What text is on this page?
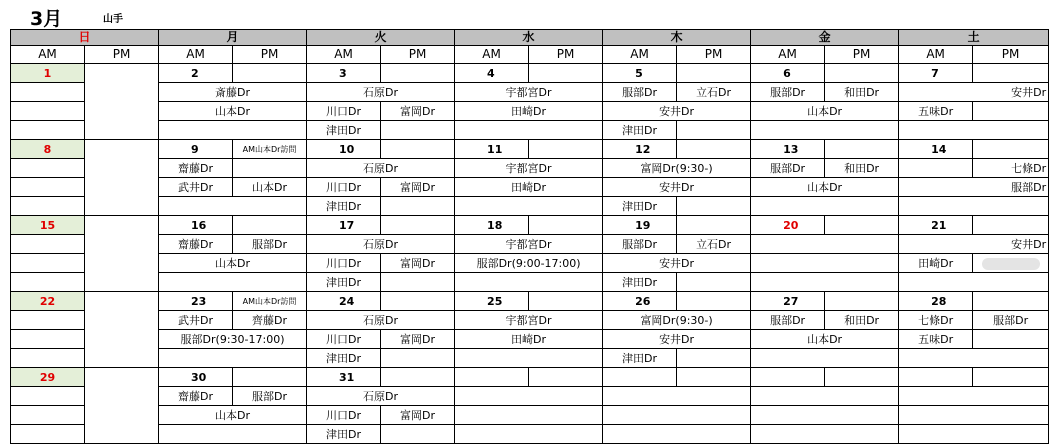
3月	山手
日		月		火		水		木		金		土	
AM	PM	AM	PM	AM	PM	AM	PM	AM	PM	AM	PM	AM	PM
1		2		3		4		5		6		7	
		斎藤Dr		石原Dr		宇都宮Dr		服部Dr	立石Dr	服部Dr	和田Dr	安井Dr	
		山本Dr		川口Dr	富岡Dr	田崎Dr		安井Dr		山本Dr		五味Dr	
				津田Dr				津田Dr					
8		9	AM山本Dr訪問	10		11		12		13		14	
		齋藤Dr		石原Dr		宇都宮Dr		富岡Dr(9:30-)		服部Dr	和田Dr		七條Dr
		武井Dr	山本Dr	川口Dr	富岡Dr	田崎Dr		安井Dr		山本Dr		服部Dr	
				津田Dr				津田Dr					
15		16		17		18		19		20		21	
		齋藤Dr	服部Dr	石原Dr		宇都宮Dr		服部Dr	立石Dr			安井Dr	
		山本Dr		川口Dr	富岡Dr	服部Dr(9:00-17:00)		安井Dr				田崎Dr	
				津田Dr				津田Dr					
22		23	AM山本Dr訪問	24		25		26		27		28	
		武井Dr	齊藤Dr	石原Dr		宇都宮Dr		富岡Dr(9:30-)		服部Dr	和田Dr	七條Dr	服部Dr
		服部Dr(9:30-17:00)		川口Dr	富岡Dr	田崎Dr		安井Dr		山本Dr		五味Dr	
				津田Dr				津田Dr					
29		30		31									
		齋藤Dr	服部Dr	石原Dr									
		山本Dr		川口Dr	富岡Dr								
				津田Dr									
